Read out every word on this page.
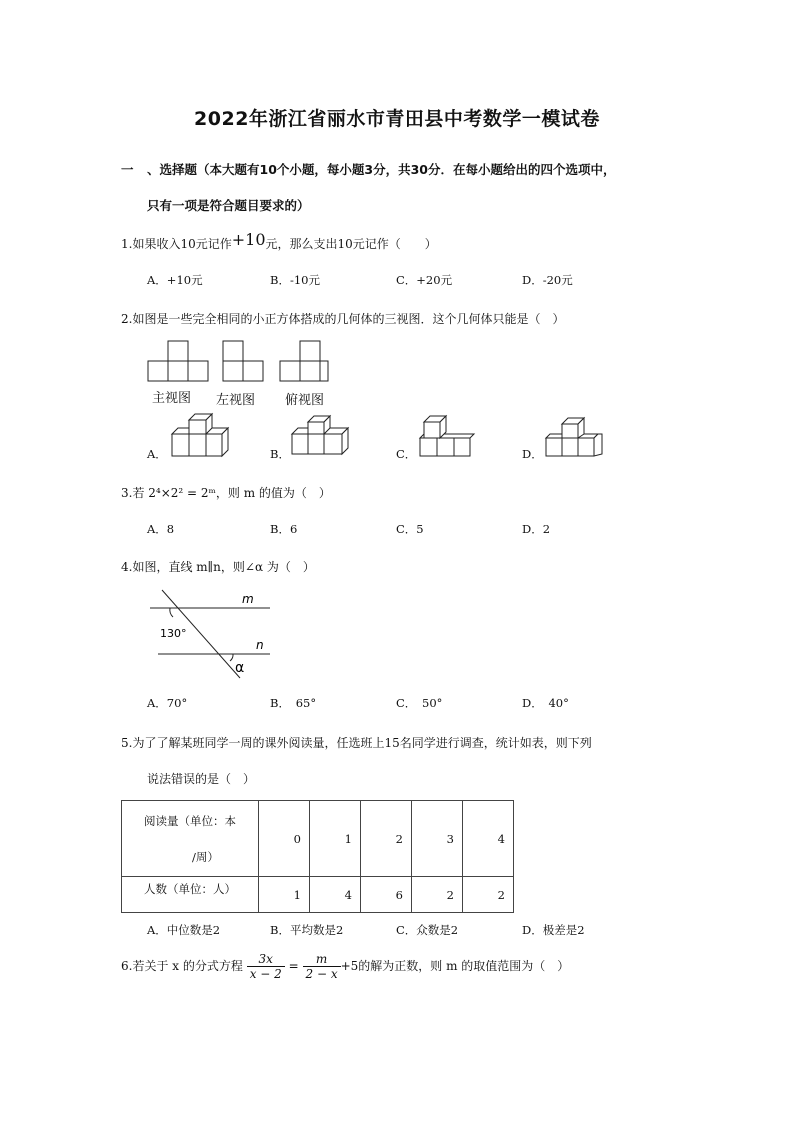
2022年浙江省丽水市青田县中考数学一模试卷
一 、选择题（本大题有10个小题，每小题3分，共30分．在每小题给出的四个选项中，
只有一项是符合题目要求的）
1.如果收入10元记作+10元，那么支出10元记作（　　）
A．+10元	B．-10元	C．+20元	D．-20元
2.如图是一些完全相同的小正方体搭成的几何体的三视图．这个几何体只能是（　）
主视图 左视图 俯视图
A．	B．	C．	D．
3.若 2⁴×2² = 2ᵐ，则 m 的值为（　）
A．8	B．6	C．5	D．2
4.如图，直线 m∥n，则∠α 为（　）
m
n
130°
α
A．70°	B．　65°	C．　50°	D．　40°
5.为了了解某班同学一周的课外阅读量，任选班上15名同学进行调查，统计如表，则下列
说法错误的是（　）
阅读量（单位：本
/周）	0	1	2	3	4
人数（单位：人）	1	4	6	2	2
A．中位数是2	B．平均数是2	C．众数是2	D．极差是2
6.若关于 x 的分式方程 $\frac{3x}{x - 2} = \frac{m}{2 - x} +5$的解为正数，则 m 的取值范围为（　）
